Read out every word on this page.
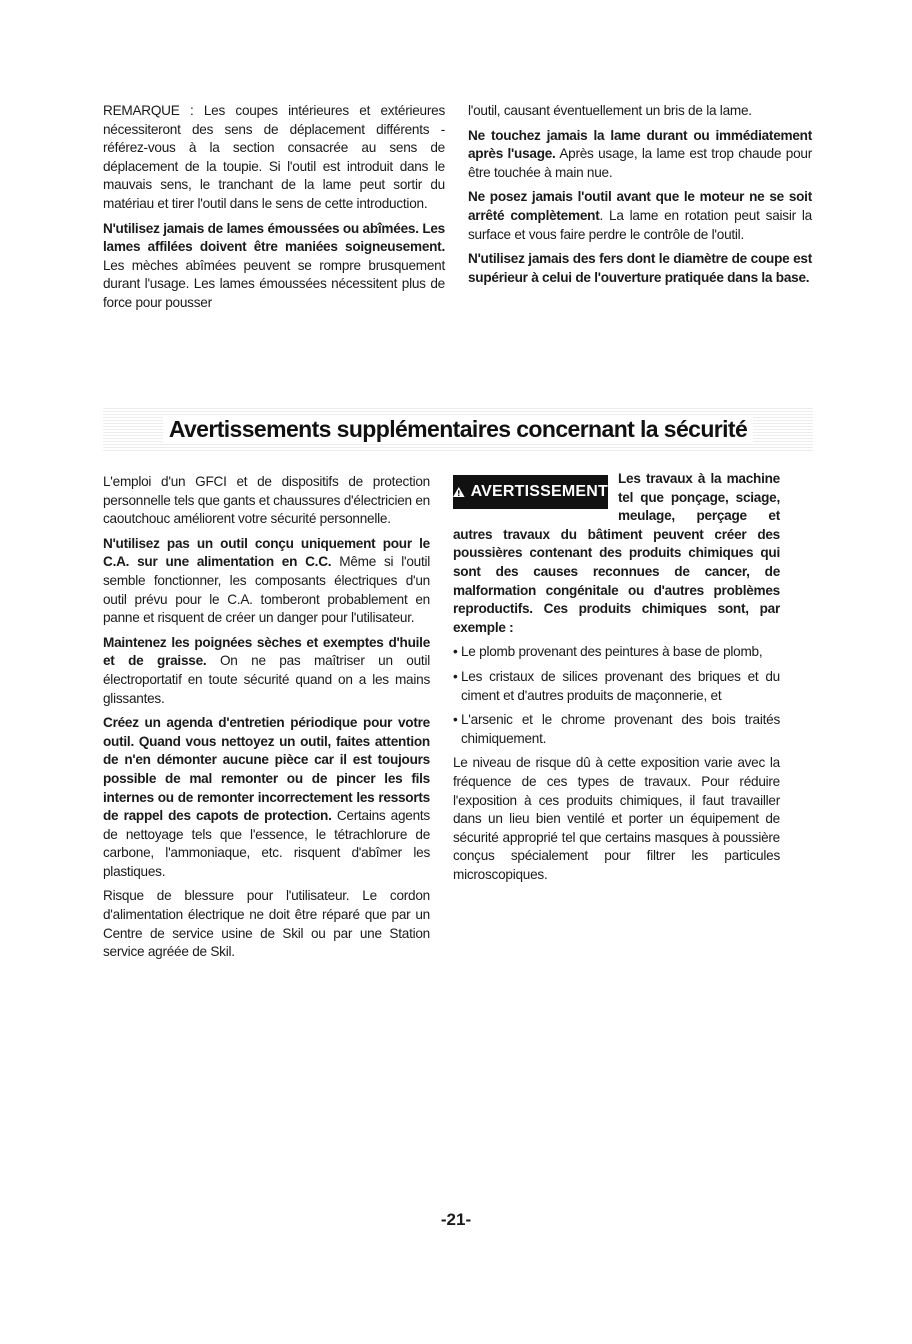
REMARQUE : Les coupes intérieures et extérieures nécessiteront des sens de déplacement différents - référez-vous à la section consacrée au sens de déplacement de la toupie. Si l'outil est introduit dans le mauvais sens, le tranchant de la lame peut sortir du matériau et tirer l'outil dans le sens de cette introduction.

N'utilisez jamais de lames émoussées ou abîmées. Les lames affilées doivent être maniées soigneusement. Les mèches abîmées peuvent se rompre brusquement durant l'usage. Les lames émoussées nécessitent plus de force pour pousser

l'outil, causant éventuellement un bris de la lame.

Ne touchez jamais la lame durant ou immédiatement après l'usage. Après usage, la lame est trop chaude pour être touchée à main nue.

Ne posez jamais l'outil avant que le moteur ne se soit arrêté complètement. La lame en rotation peut saisir la surface et vous faire perdre le contrôle de l'outil.

N'utilisez jamais des fers dont le diamètre de coupe est supérieur à celui de l'ouverture pratiquée dans la base.

Avertissements supplémentaires concernant la sécurité

L'emploi d'un GFCI et de dispositifs de protection personnelle tels que gants et chaussures d'électricien en caoutchouc améliorent votre sécurité personnelle.

N'utilisez pas un outil conçu uniquement pour le C.A. sur une alimentation en C.C. Même si l'outil semble fonctionner, les composants électriques d'un outil prévu pour le C.A. tomberont probablement en panne et risquent de créer un danger pour l'utilisateur.

Maintenez les poignées sèches et exemptes d'huile et de graisse. On ne pas maîtriser un outil électroportatif en toute sécurité quand on a les mains glissantes.

Créez un agenda d'entretien périodique pour votre outil. Quand vous nettoyez un outil, faites attention de n'en démonter aucune pièce car il est toujours possible de mal remonter ou de pincer les fils internes ou de remonter incorrectement les ressorts de rappel des capots de protection. Certains agents de nettoyage tels que l'essence, le tétrachlorure de carbone, l'ammoniaque, etc. risquent d'abîmer les plastiques.

Risque de blessure pour l'utilisateur. Le cordon d'alimentation électrique ne doit être réparé que par un Centre de service usine de Skil ou par une Station service agréée de Skil.

AVERTISSEMENT
Les travaux à la machine tel que ponçage, sciage, meulage, perçage et autres travaux du bâtiment peuvent créer des poussières contenant des produits chimiques qui sont des causes reconnues de cancer, de malformation congénitale ou d'autres problèmes reproductifs. Ces produits chimiques sont, par exemple :
• Le plomb provenant des peintures à base de plomb,
• Les cristaux de silices provenant des briques et du ciment et d'autres produits de maçonnerie, et
• L'arsenic et le chrome provenant des bois traités chimiquement.

Le niveau de risque dû à cette exposition varie avec la fréquence de ces types de travaux. Pour réduire l'exposition à ces produits chimiques, il faut travailler dans un lieu bien ventilé et porter un équipement de sécurité approprié tel que certains masques à poussière conçus spécialement pour filtrer les particules microscopiques.

-21-
